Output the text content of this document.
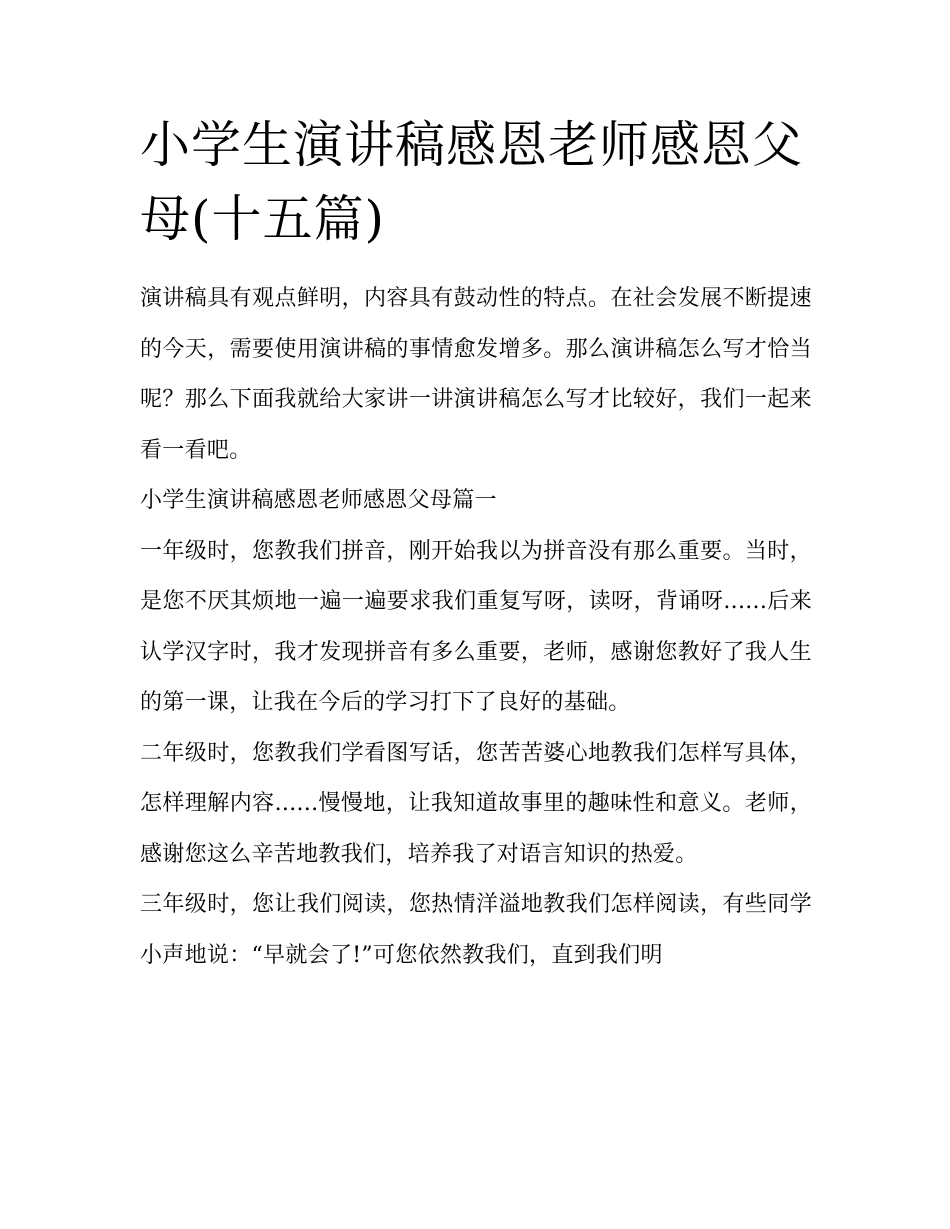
小学生演讲稿感恩老师感恩父母(十五篇)

演讲稿具有观点鲜明，内容具有鼓动性的特点。在社会发展不断提速的今天，需要使用演讲稿的事情愈发增多。那么演讲稿怎么写才恰当呢？那么下面我就给大家讲一讲演讲稿怎么写才比较好，我们一起来看一看吧。

小学生演讲稿感恩老师感恩父母篇一

一年级时，您教我们拼音，刚开始我以为拼音没有那么重要。当时，是您不厌其烦地一遍一遍要求我们重复写呀，读呀，背诵呀......后来认学汉字时，我才发现拼音有多么重要，老师，感谢您教好了我人生的第一课，让我在今后的学习打下了良好的基础。

二年级时，您教我们学看图写话，您苦苦婆心地教我们怎样写具体，怎样理解内容......慢慢地，让我知道故事里的趣味性和意义。老师，感谢您这么辛苦地教我们，培养我了对语言知识的热爱。

三年级时，您让我们阅读，您热情洋溢地教我们怎样阅读，有些同学小声地说：“早就会了!”可您依然教我们，直到我们明
